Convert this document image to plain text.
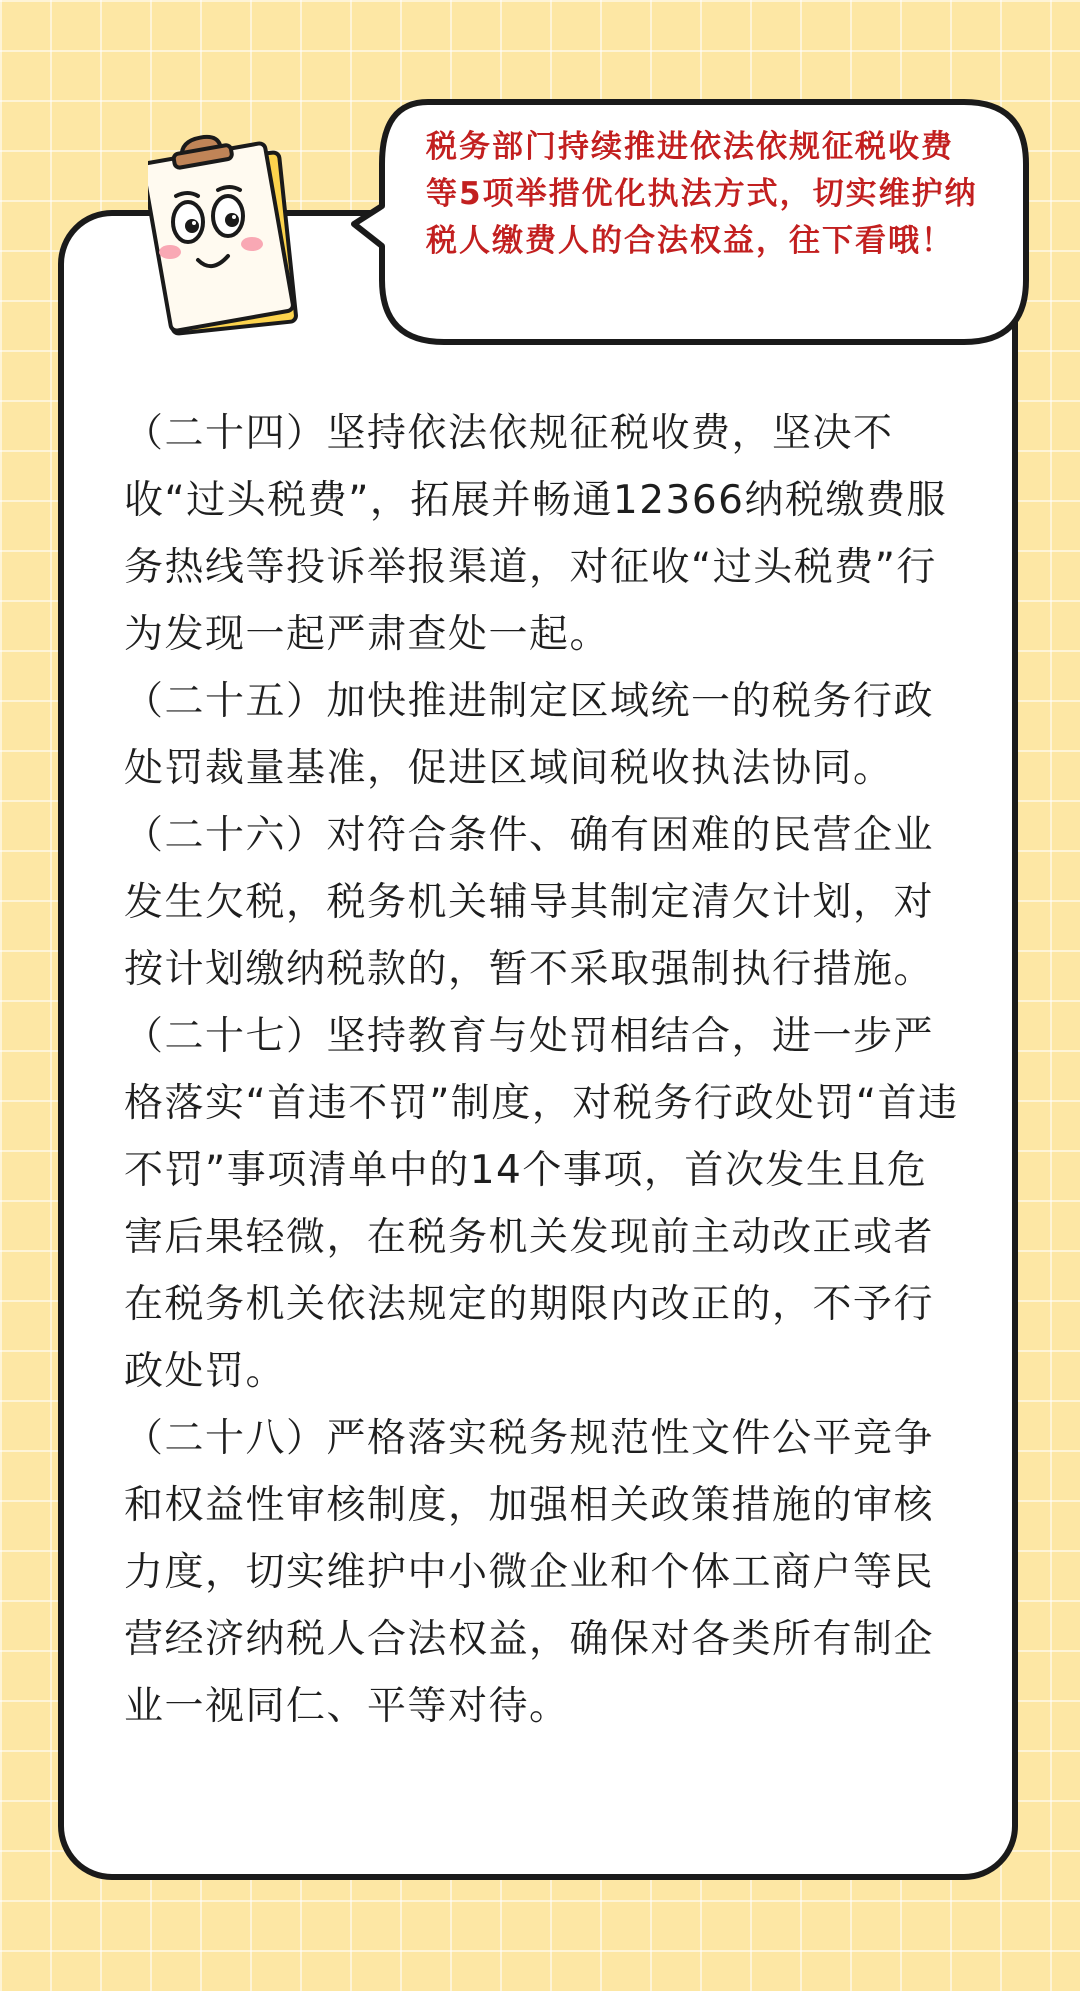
税务部门持续推进依法依规征税收费等5项举措优化执法方式，切实维护纳税人缴费人的合法权益，往下看哦！

（二十四）坚持依法依规征税收费，坚决不收“过头税费”，拓展并畅通12366纳税缴费服务热线等投诉举报渠道，对征收“过头税费”行为发现一起严肃查处一起。

（二十五）加快推进制定区域统一的税务行政处罚裁量基准，促进区域间税收执法协同。

（二十六）对符合条件、确有困难的民营企业发生欠税，税务机关辅导其制定清欠计划，对按计划缴纳税款的，暂不采取强制执行措施。

（二十七）坚持教育与处罚相结合，进一步严格落实“首违不罚”制度，对税务行政处罚“首违不罚”事项清单中的14个事项，首次发生且危害后果轻微，在税务机关发现前主动改正或者在税务机关依法规定的期限内改正的，不予行政处罚。

（二十八）严格落实税务规范性文件公平竞争和权益性审核制度，加强相关政策措施的审核力度，切实维护中小微企业和个体工商户等民营经济纳税人合法权益，确保对各类所有制企业一视同仁、平等对待。
